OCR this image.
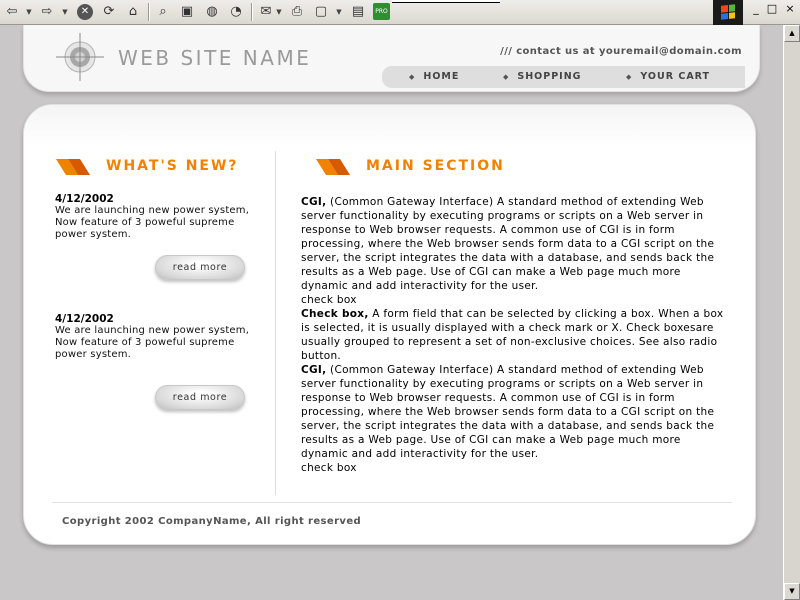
⇦	▼ ⇨	▼	✕ ⟳	⌂	⌕	▣ ◍ ◔ ✉ ▼ ⎙ ▢	▼ ▤	PRO	_ □ ×
WEB SITE NAME	/// contact us at youremail@domain.com
◆ HOME	◆ SHOPPING	◆ YOUR CART
WHAT'S NEW?
4/12/2002
We are launching new power system, Now feature of 3 poweful supreme power system.
read more
4/12/2002
We are launching new power system, Now feature of 3 poweful supreme power system.
read more
MAIN SECTION

CGI, (Common Gateway Interface) A standard method of extending Web server functionality by executing programs or scripts on a Web server in response to Web browser requests. A common use of CGI is in form processing, where the Web browser sends form data to a CGI script on the server, the script integrates the data with a database, and sends back the results as a Web page. Use of CGI can make a Web page much more dynamic and add interactivity for the user.

check box

Check box, A form field that can be selected by clicking a box. When a box is selected, it is usually displayed with a check mark or X. Check boxesare usually grouped to represent a set of non-exclusive choices. See also radio button.

CGI, (Common Gateway Interface) A standard method of extending Web server functionality by executing programs or scripts on a Web server in response to Web browser requests. A common use of CGI is in form processing, where the Web browser sends form data to a CGI script on the server, the script integrates the data with a database, and sends back the results as a Web page. Use of CGI can make a Web page much more dynamic and add interactivity for the user.

check box

Copyright 2002 CompanyName, All right reserved
▲
▼
